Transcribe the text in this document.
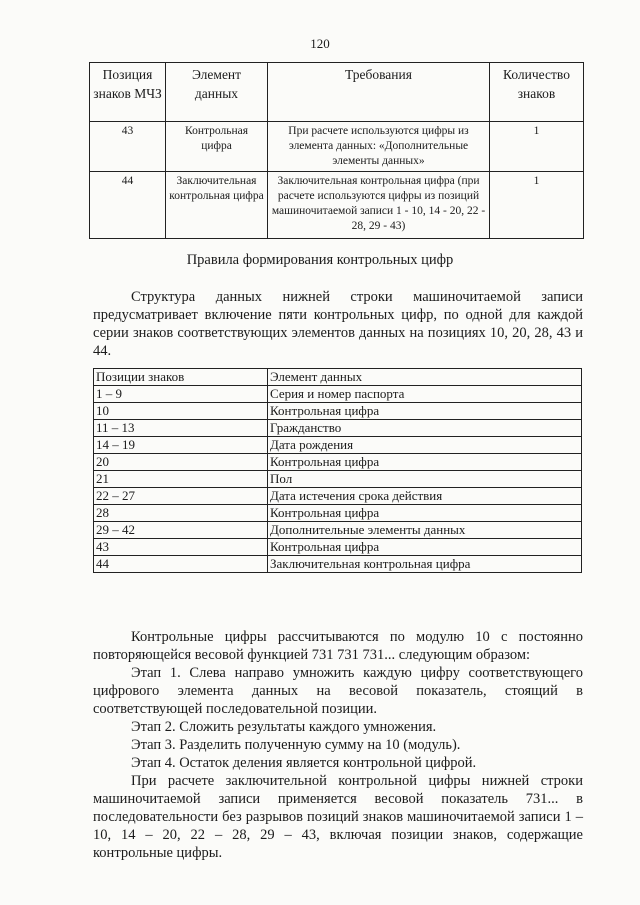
120
Позиция знаков МЧЗ	Элемент данных	Требования	Количество знаков
43	Контрольная цифра	При расчете используются цифры из элемента данных: «Дополнительные элементы данных»	1
44	Заключительная контрольная цифра	Заключительная контрольная цифра (при расчете используются цифры из позиций машиночитаемой записи 1 - 10, 14 - 20, 22 - 28, 29 - 43)	1
Правила формирования контрольных цифр

Структура данных нижней строки машиночитаемой записи предусматривает включение пяти контрольных цифр, по одной для каждой серии знаков соответствующих элементов данных на позициях 10, 20, 28, 43 и 44.

Позиции знаков	Элемент данных
1 – 9	Серия и номер паспорта
10	Контрольная цифра
11 – 13	Гражданство
14 – 19	Дата рождения
20	Контрольная цифра
21	Пол
22 – 27	Дата истечения срока действия
28	Контрольная цифра
29 – 42	Дополнительные элементы данных
43	Контрольная цифра
44	Заключительная контрольная цифра

Контрольные цифры рассчитываются по модулю 10 с постоянно повторяющейся весовой функцией 731 731 731... следующим образом:

Этап 1. Слева направо умножить каждую цифру соответствующего цифрового элемента данных на весовой показатель, стоящий в соответствующей последовательной позиции.

Этап 2. Сложить результаты каждого умножения.

Этап 3. Разделить полученную сумму на 10 (модуль).

Этап 4. Остаток деления является контрольной цифрой.

При расчете заключительной контрольной цифры нижней строки машиночитаемой записи применяется весовой показатель 731... в последовательности без разрывов позиций знаков машиночитаемой записи 1 – 10, 14 – 20, 22 – 28, 29 – 43, включая позиции знаков, содержащие контрольные цифры.
